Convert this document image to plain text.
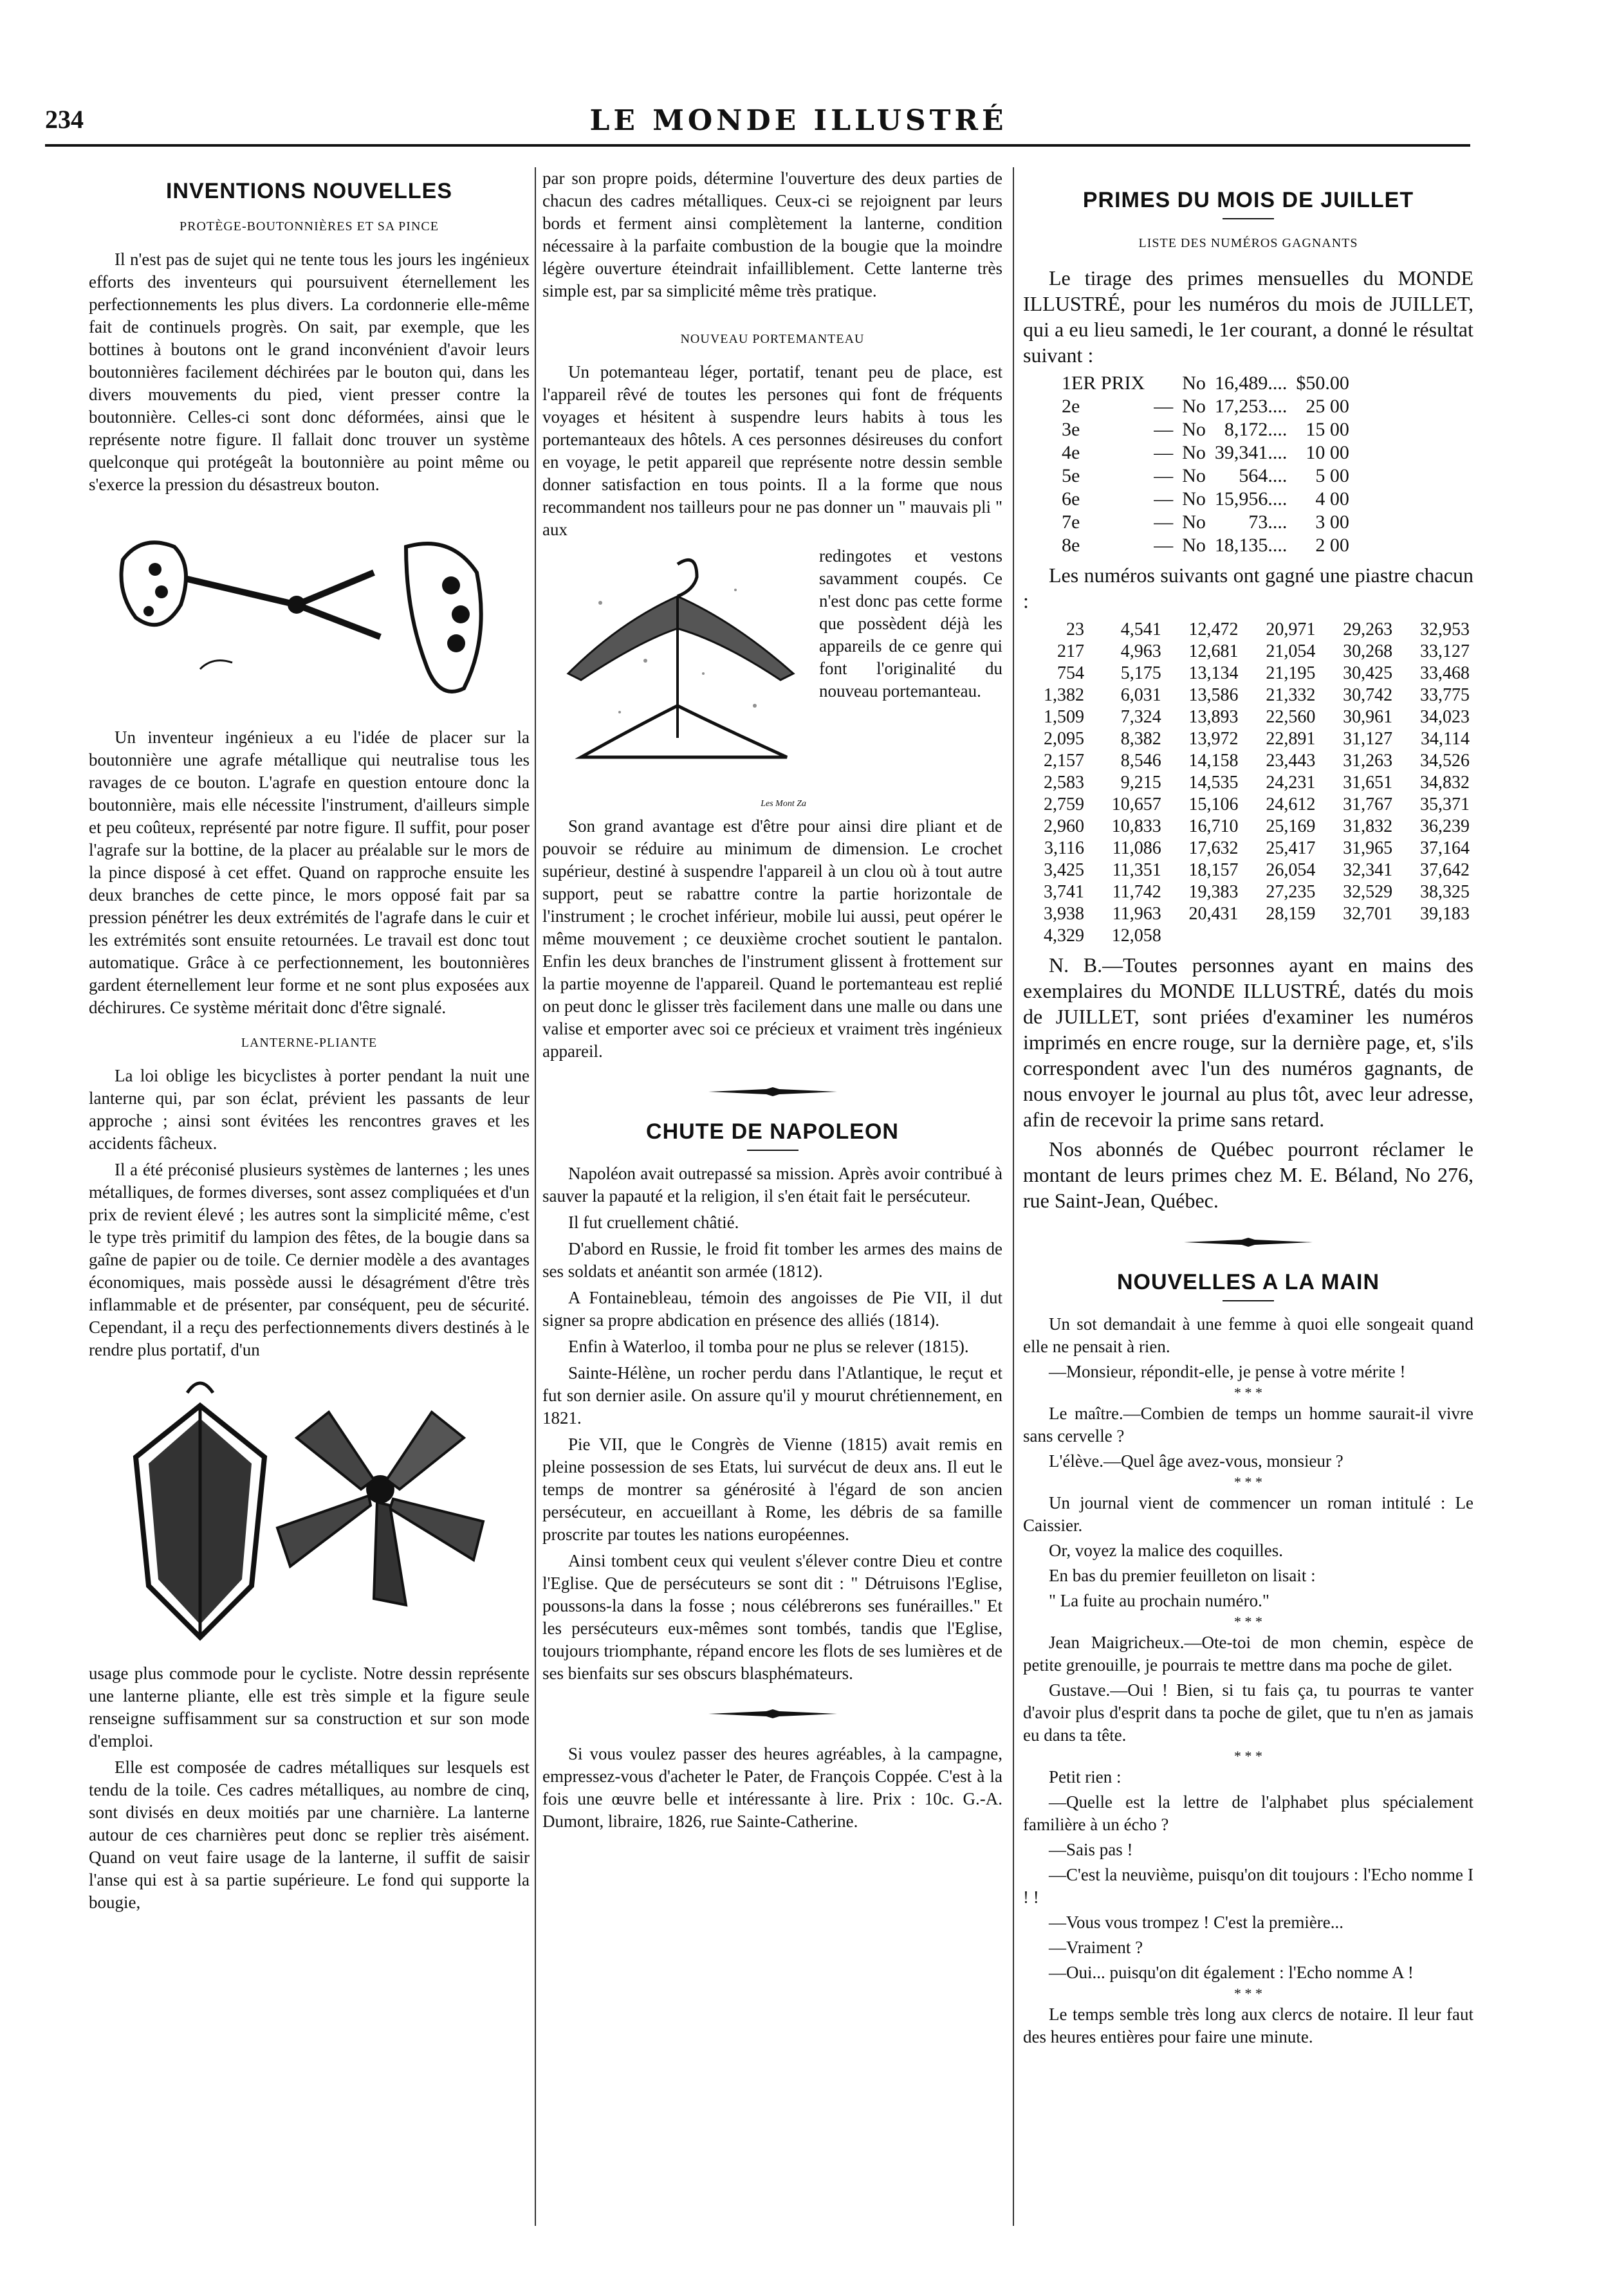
234	LE MONDE ILLUSTRÉ
INVENTIONS NOUVELLES
PROTÈGE-BOUTONNIÈRES ET SA PINCE

Il n'est pas de sujet qui ne tente tous les jours les ingénieux efforts des inventeurs qui poursuivent éternellement les perfectionnements les plus divers. La cordonnerie elle-même fait de continuels progrès. On sait, par exemple, que les bottines à boutons ont le grand inconvénient d'avoir leurs boutonnières facilement déchirées par le bouton qui, dans les divers mouvements du pied, vient presser contre la boutonnière. Celles-ci sont donc déformées, ainsi que le représente notre figure. Il fallait donc trouver un système quelconque qui protégeât la boutonnière au point même ou s'exerce la pression du désastreux bouton.

Un inventeur ingénieux a eu l'idée de placer sur la boutonnière une agrafe métallique qui neutralise tous les ravages de ce bouton. L'agrafe en question entoure donc la boutonnière, mais elle nécessite l'instrument, d'ailleurs simple et peu coûteux, représenté par notre figure. Il suffit, pour poser l'agrafe sur la bottine, de la placer au préalable sur le mors de la pince disposé à cet effet. Quand on rapproche ensuite les deux branches de cette pince, le mors opposé fait par sa pression pénétrer les deux extrémités de l'agrafe dans le cuir et les extrémités sont ensuite retournées. Le travail est donc tout automatique. Grâce à ce perfectionnement, les boutonnières gardent éternellement leur forme et ne sont plus exposées aux déchirures. Ce système méritait donc d'être signalé.

LANTERNE-PLIANTE

La loi oblige les bicyclistes à porter pendant la nuit une lanterne qui, par son éclat, prévient les passants de leur approche ; ainsi sont évitées les rencontres graves et les accidents fâcheux.

Il a été préconisé plusieurs systèmes de lanternes ; les unes métalliques, de formes diverses, sont assez compliquées et d'un prix de revient élevé ; les autres sont la simplicité même, c'est le type très primitif du lampion des fêtes, de la bougie dans sa gaîne de papier ou de toile. Ce dernier modèle a des avantages économiques, mais possède aussi le désagrément d'être très inflammable et de présenter, par conséquent, peu de sécurité. Cependant, il a reçu des perfectionnements divers destinés à le rendre plus portatif, d'un

usage plus commode pour le cycliste. Notre dessin représente une lanterne pliante, elle est très simple et la figure seule renseigne suffisamment sur sa construction et sur son mode d'emploi.

Elle est composée de cadres métalliques sur lesquels est tendu de la toile. Ces cadres métalliques, au nombre de cinq, sont divisés en deux moitiés par une charnière. La lanterne autour de ces charnières peut donc se replier très aisément. Quand on veut faire usage de la lanterne, il suffit de saisir l'anse qui est à sa partie supérieure. Le fond qui supporte la bougie,

par son propre poids, détermine l'ouverture des deux parties de chacun des cadres métalliques. Ceux-ci se rejoignent par leurs bords et ferment ainsi complètement la lanterne, condition nécessaire à la parfaite combustion de la bougie que la moindre légère ouverture éteindrait infailliblement. Cette lanterne très simple est, par sa simplicité même très pratique.

NOUVEAU PORTEMANTEAU

Un potemanteau léger, portatif, tenant peu de place, est l'appareil rêvé de toutes les persones qui font de fréquents voyages et hésitent à suspendre leurs habits à tous les portemanteaux des hôtels. A ces personnes désireuses du confort en voyage, le petit appareil que représente notre dessin semble donner satisfaction en tous points. Il a la forme que nous recommandent nos tailleurs pour ne pas donner un " mauvais pli " aux

Les Mont Za

redingotes et vestons savamment coupés. Ce n'est donc pas cette forme que possèdent déjà les appareils de ce genre qui font l'originalité du nouveau portemanteau.

Son grand avantage est d'être pour ainsi dire pliant et de pouvoir se réduire au minimum de dimension. Le crochet supérieur, destiné à suspendre l'appareil à un clou où à tout autre support, peut se rabattre contre la partie horizontale de l'instrument ; le crochet inférieur, mobile lui aussi, peut opérer le même mouvement ; ce deuxième crochet soutient le pantalon. Enfin les deux branches de l'instrument glissent à frottement sur la partie moyenne de l'appareil. Quand le portemanteau est replié on peut donc le glisser très facilement dans une malle ou dans une valise et emporter avec soi ce précieux et vraiment très ingénieux appareil.

CHUTE DE NAPOLEON

Napoléon avait outrepassé sa mission. Après avoir contribué à sauver la papauté et la religion, il s'en était fait le persécuteur.

Il fut cruellement châtié.

D'abord en Russie, le froid fit tomber les armes des mains de ses soldats et anéantit son armée (1812).

A Fontainebleau, témoin des angoisses de Pie VII, il dut signer sa propre abdication en présence des alliés (1814).

Enfin à Waterloo, il tomba pour ne plus se relever (1815).

Sainte-Hélène, un rocher perdu dans l'Atlantique, le reçut et fut son dernier asile. On assure qu'il y mourut chrétiennement, en 1821.

Pie VII, que le Congrès de Vienne (1815) avait remis en pleine possession de ses Etats, lui survécut de deux ans. Il eut le temps de montrer sa générosité à l'égard de son ancien persécuteur, en accueillant à Rome, les débris de sa famille proscrite par toutes les nations européennes.

Ainsi tombent ceux qui veulent s'élever contre Dieu et contre l'Eglise. Que de persécuteurs se sont dit : " Détruisons l'Eglise, poussons-la dans la fosse ; nous célébrerons ses funérailles." Et les persécuteurs eux-mêmes sont tombés, tandis que l'Eglise, toujours triomphante, répand encore les flots de ses lumières et de ses bienfaits sur ses obscurs blasphémateurs.

Si vous voulez passer des heures agréables, à la campagne, empressez-vous d'acheter le Pater, de François Coppée. C'est à la fois une œuvre belle et intéressante à lire. Prix : 10c. G.-A. Dumont, libraire, 1826, rue Sainte-Catherine.

PRIMES DU MOIS DE JUILLET
LISTE DES NUMÉROS GAGNANTS

Le tirage des primes mensuelles du MONDE ILLUSTRÉ, pour les numéros du mois de JUILLET, qui a eu lieu samedi, le 1er courant, a donné le résultat suivant :

1ER PRIX		No	16,489....	$50.00
2e	—	No	17,253....	25 00
3e	—	No	8,172....	15 00
4e	—	No	39,341....	10 00
5e	—	No	564....	5 00
6e	—	No	15,956....	4 00
7e	—	No	73....	3 00
8e	—	No	18,135....	2 00

Les numéros suivants ont gagné une piastre chacun :

23	4,541	12,472	20,971	29,263	32,953
217	4,963	12,681	21,054	30,268	33,127
754	5,175	13,134	21,195	30,425	33,468
1,382	6,031	13,586	21,332	30,742	33,775
1,509	7,324	13,893	22,560	30,961	34,023
2,095	8,382	13,972	22,891	31,127	34,114
2,157	8,546	14,158	23,443	31,263	34,526
2,583	9,215	14,535	24,231	31,651	34,832
2,759	10,657	15,106	24,612	31,767	35,371
2,960	10,833	16,710	25,169	31,832	36,239
3,116	11,086	17,632	25,417	31,965	37,164
3,425	11,351	18,157	26,054	32,341	37,642
3,741	11,742	19,383	27,235	32,529	38,325
3,938	11,963	20,431	28,159	32,701	39,183
4,329	12,058				

N. B.—Toutes personnes ayant en mains des exemplaires du MONDE ILLUSTRÉ, datés du mois de JUILLET, sont priées d'examiner les numéros imprimés en encre rouge, sur la dernière page, et, s'ils correspondent avec l'un des numéros gagnants, de nous envoyer le journal au plus tôt, avec leur adresse, afin de recevoir la prime sans retard.

Nos abonnés de Québec pourront réclamer le montant de leurs primes chez M. E. Béland, No 276, rue Saint-Jean, Québec.

NOUVELLES A LA MAIN

Un sot demandait à une femme à quoi elle songeait quand elle ne pensait à rien.

—Monsieur, répondit-elle, je pense à votre mérite !

* * *

Le maître.—Combien de temps un homme saurait-il vivre sans cervelle ?

L'élève.—Quel âge avez-vous, monsieur ?

* * *

Un journal vient de commencer un roman intitulé : Le Caissier.

Or, voyez la malice des coquilles.

En bas du premier feuilleton on lisait :

" La fuite au prochain numéro."

* * *

Jean Maigricheux.—Ote-toi de mon chemin, espèce de petite grenouille, je pourrais te mettre dans ma poche de gilet.

Gustave.—Oui ! Bien, si tu fais ça, tu pourras te vanter d'avoir plus d'esprit dans ta poche de gilet, que tu n'en as jamais eu dans ta tête.

* * *

Petit rien :

—Quelle est la lettre de l'alphabet plus spécialement familière à un écho ?

—Sais pas !

—C'est la neuvième, puisqu'on dit toujours : l'Echo nomme I ! !

—Vous vous trompez ! C'est la première...

—Vraiment ?

—Oui... puisqu'on dit également : l'Echo nomme A !

* * *

Le temps semble très long aux clercs de notaire. Il leur faut des heures entières pour faire une minute.
